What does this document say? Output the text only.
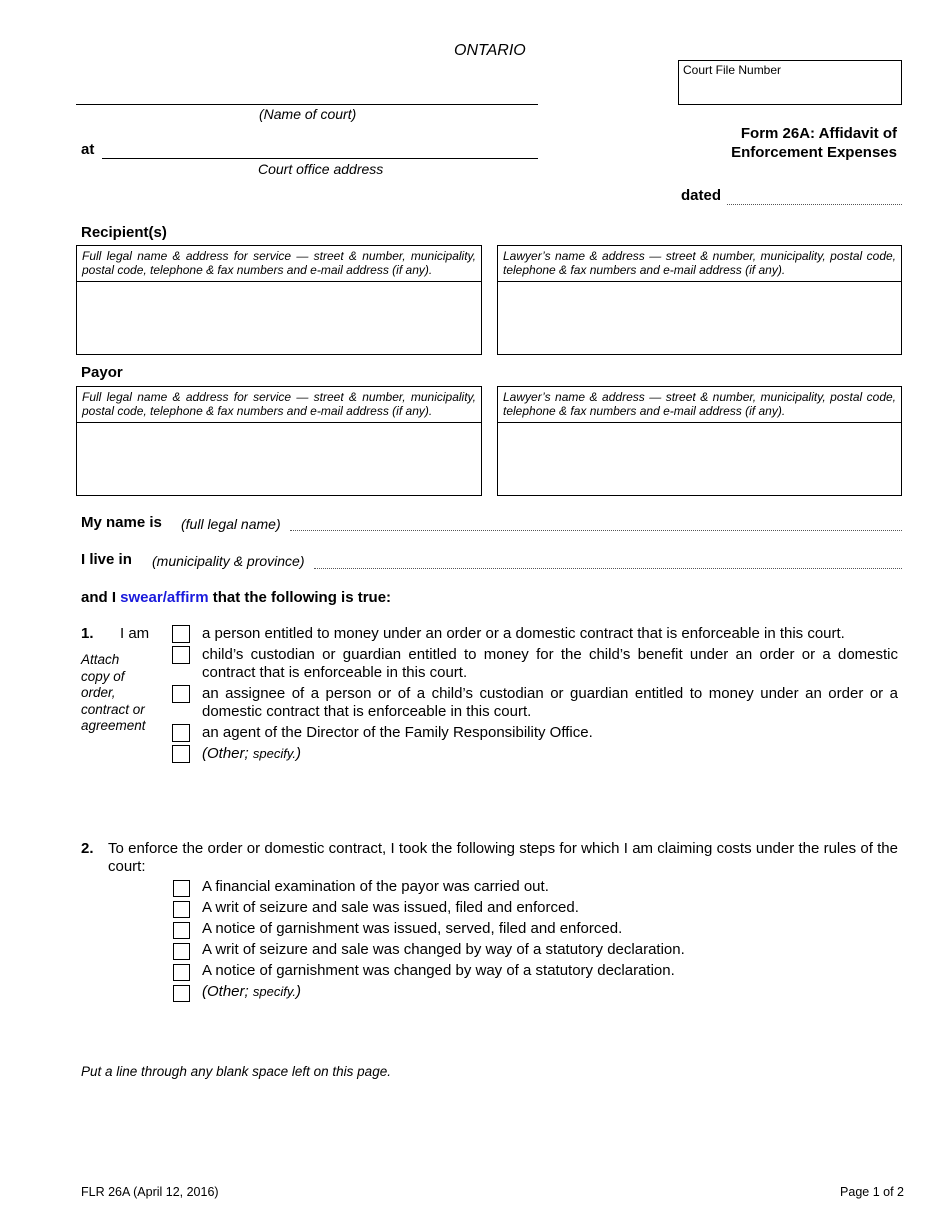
ONTARIO
Court File Number
(Name of court)
at
Court office address
Form 26A: Affidavit of
Enforcement Expenses
dated
Recipient(s)
Full legal name & address for service — street & number, municipality, postal code, telephone & fax numbers and e-mail address (if any).
Lawyer’s name & address — street & number, municipality, postal code, telephone & fax numbers and e-mail address (if any).
Payor
Full legal name & address for service — street & number, municipality, postal code, telephone & fax numbers and e-mail address (if any).
Lawyer’s name & address — street & number, municipality, postal code, telephone & fax numbers and e-mail address (if any).
My name is (full legal name)
I live in (municipality & province)
and I swear/affirm that the following is true:
1. I am
Attach
copy of
order,
contract or
agreement
a person entitled to money under an order or a domestic contract that is enforceable in this court.
child’s custodian or guardian entitled to money for the child’s benefit under an order or a domestic contract that is enforceable in this court.
an assignee of a person or of a child’s custodian or guardian entitled to money under an order or a domestic contract that is enforceable in this court.
an agent of the Director of the Family Responsibility Office.
(Other; specify.)
2. To enforce the order or domestic contract, I took the following steps for which I am claiming costs under the rules of the court:
A financial examination of the payor was carried out.
A writ of seizure and sale was issued, filed and enforced.
A notice of garnishment was issued, served, filed and enforced.
A writ of seizure and sale was changed by way of a statutory declaration.
A notice of garnishment was changed by way of a statutory declaration.
(Other; specify.)
Put a line through any blank space left on this page.
FLR 26A (April 12, 2016)	Page 1 of 2
